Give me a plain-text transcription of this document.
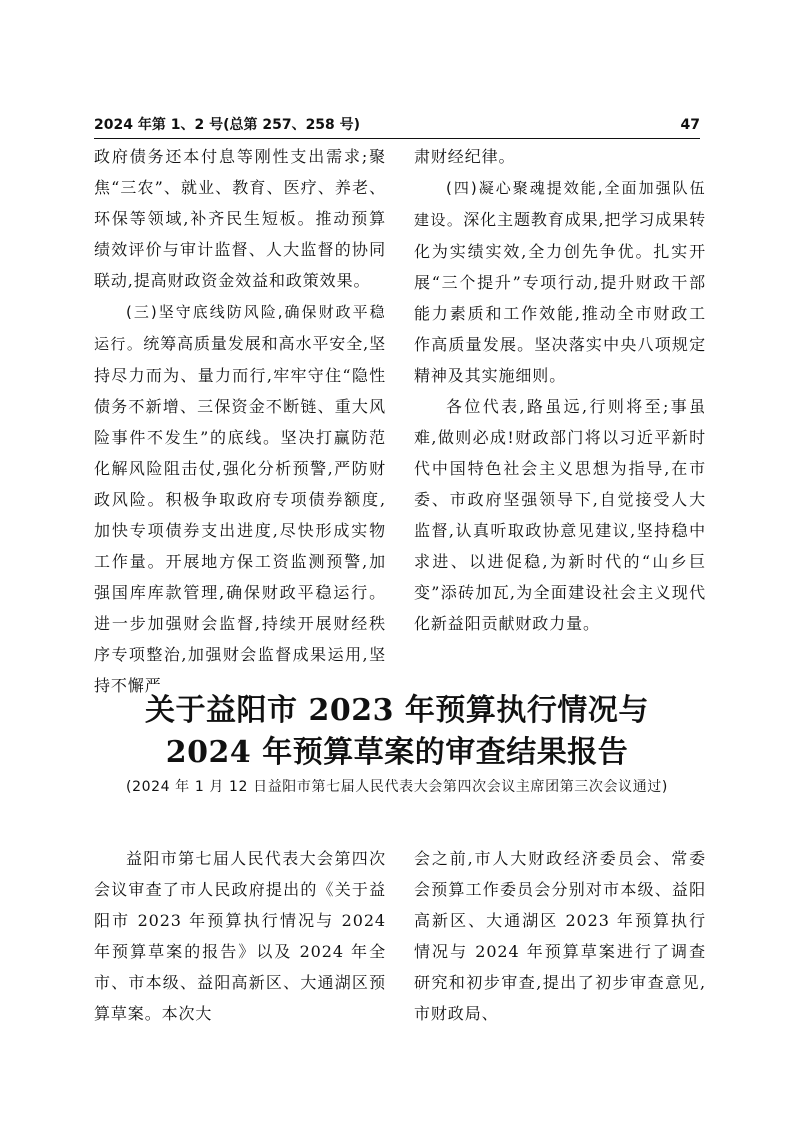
2024 年第 1、2 号(总第 257、258 号)	47

政府债务还本付息等刚性支出需求;聚焦“三农”、就业、教育、医疗、养老、环保等领域,补齐民生短板。推动预算绩效评价与审计监督、人大监督的协同联动,提高财政资金效益和政策效果。

(三)坚守底线防风险,确保财政平稳运行。统筹高质量发展和高水平安全,坚持尽力而为、量力而行,牢牢守住“隐性债务不新增、三保资金不断链、重大风险事件不发生”的底线。坚决打赢防范化解风险阻击仗,强化分析预警,严防财政风险。积极争取政府专项债券额度,加快专项债券支出进度,尽快形成实物工作量。开展地方保工资监测预警,加强国库库款管理,确保财政平稳运行。进一步加强财会监督,持续开展财经秩序专项整治,加强财会监督成果运用,坚持不懈严

肃财经纪律。

(四)凝心聚魂提效能,全面加强队伍建设。深化主题教育成果,把学习成果转化为实绩实效,全力创先争优。扎实开展“三个提升”专项行动,提升财政干部能力素质和工作效能,推动全市财政工作高质量发展。坚决落实中央八项规定精神及其实施细则。

各位代表,路虽远,行则将至;事虽难,做则必成!财政部门将以习近平新时代中国特色社会主义思想为指导,在市委、市政府坚强领导下,自觉接受人大监督,认真听取政协意见建议,坚持稳中求进、以进促稳,为新时代的“山乡巨变”添砖加瓦,为全面建设社会主义现代化新益阳贡献财政力量。

关于益阳市 2023 年预算执行情况与
2024 年预算草案的审查结果报告
(2024 年 1 月 12 日益阳市第七届人民代表大会第四次会议主席团第三次会议通过)

益阳市第七届人民代表大会第四次会议审查了市人民政府提出的《关于益阳市 2023 年预算执行情况与 2024 年预算草案的报告》以及 2024 年全市、市本级、益阳高新区、大通湖区预算草案。本次大

会之前,市人大财政经济委员会、常委会预算工作委员会分别对市本级、益阳高新区、大通湖区 2023 年预算执行情况与 2024 年预算草案进行了调查研究和初步审查,提出了初步审查意见,市财政局、
